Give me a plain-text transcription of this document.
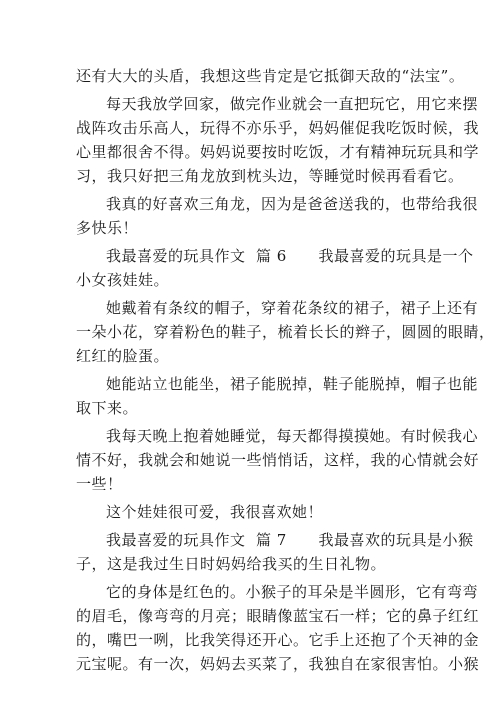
还有大大的头盾，我想这些肯定是它抵御天敌的“法宝”。

每天我放学回家，做完作业就会一直把玩它，用它来摆
战阵攻击乐高人，玩得不亦乐乎，妈妈催促我吃饭时候，我
心里都很舍不得。妈妈说要按时吃饭，才有精神玩玩具和学
习，我只好把三角龙放到枕头边，等睡觉时候再看看它。

我真的好喜欢三角龙，因为是爸爸送我的，也带给我很
多快乐！

我最喜爱的玩具作文  篇 6      我最喜爱的玩具是一个
小女孩娃娃。

她戴着有条纹的帽子，穿着花条纹的裙子，裙子上还有
一朵小花，穿着粉色的鞋子，梳着长长的辫子，圆圆的眼睛，
红红的脸蛋。

她能站立也能坐，裙子能脱掉，鞋子能脱掉，帽子也能
取下来。

我每天晚上抱着她睡觉，每天都得摸摸她。有时候我心
情不好，我就会和她说一些悄悄话，这样，我的心情就会好
一些！

这个娃娃很可爱，我很喜欢她！

我最喜爱的玩具作文  篇 7      我最喜欢的玩具是小猴
子，这是我过生日时妈妈给我买的生日礼物。

它的身体是红色的。小猴子的耳朵是半圆形，它有弯弯
的眉毛，像弯弯的月亮；眼睛像蓝宝石一样；它的鼻子红红
的，嘴巴一咧，比我笑得还开心。它手上还抱了个天神的金
元宝呢。有一次，妈妈去买菜了，我独自在家很害怕。小猴
